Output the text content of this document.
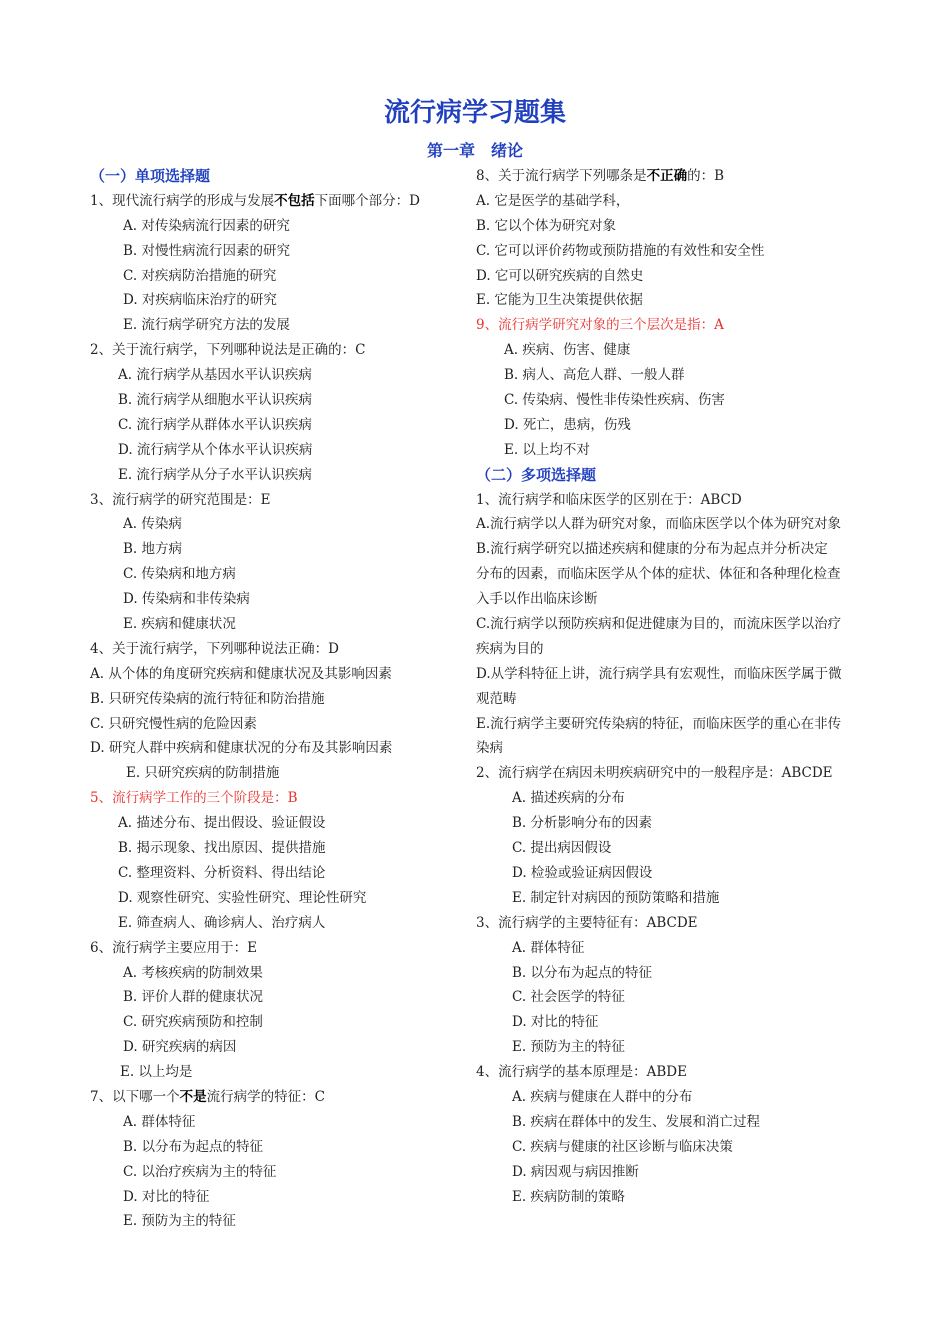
流行病学习题集
第一章　绪论
（一）单项选择题
1、现代流行病学的形成与发展不包括下面哪个部分：D
A. 对传染病流行因素的研究
B. 对慢性病流行因素的研究
C. 对疾病防治措施的研究
D. 对疾病临床治疗的研究
E. 流行病学研究方法的发展
2、关于流行病学，下列哪种说法是正确的：C
A. 流行病学从基因水平认识疾病
B. 流行病学从细胞水平认识疾病
C. 流行病学从群体水平认识疾病
D. 流行病学从个体水平认识疾病
E. 流行病学从分子水平认识疾病
3、流行病学的研究范围是：E
A. 传染病
B. 地方病
C. 传染病和地方病
D. 传染病和非传染病
E. 疾病和健康状况
4、关于流行病学，下列哪种说法正确：D
A. 从个体的角度研究疾病和健康状况及其影响因素
B. 只研究传染病的流行特征和防治措施
C. 只研究慢性病的危险因素
D. 研究人群中疾病和健康状况的分布及其影响因素
E. 只研究疾病的防制措施
5、流行病学工作的三个阶段是：B
A. 描述分布、提出假设、验证假设
B. 揭示现象、找出原因、提供措施
C. 整理资料、分析资料、得出结论
D. 观察性研究、实验性研究、理论性研究
E. 筛查病人、确诊病人、治疗病人
6、流行病学主要应用于：E
A. 考核疾病的防制效果
B. 评价人群的健康状况
C. 研究疾病预防和控制
D. 研究疾病的病因
E. 以上均是
7、以下哪一个不是流行病学的特征：C
A. 群体特征
B. 以分布为起点的特征
C. 以治疗疾病为主的特征
D. 对比的特征
E. 预防为主的特征
8、关于流行病学下列哪条是不正确的：B
A. 它是医学的基础学科，
B. 它以个体为研究对象
C. 它可以评价药物或预防措施的有效性和安全性
D. 它可以研究疾病的自然史
E. 它能为卫生决策提供依据
9、流行病学研究对象的三个层次是指：A
A. 疾病、伤害、健康
B. 病人、高危人群、一般人群
C. 传染病、慢性非传染性疾病、伤害
D. 死亡，患病，伤残
E. 以上均不对
（二）多项选择题
1、流行病学和临床医学的区别在于：ABCD
A.流行病学以人群为研究对象，而临床医学以个体为研究对象
B.流行病学研究以描述疾病和健康的分布为起点并分析决定
分布的因素，而临床医学从个体的症状、体征和各种理化检查
入手以作出临床诊断
C.流行病学以预防疾病和促进健康为目的，而流床医学以治疗
疾病为目的
D.从学科特征上讲，流行病学具有宏观性，而临床医学属于微
观范畴
E.流行病学主要研究传染病的特征，而临床医学的重心在非传
染病
2、流行病学在病因未明疾病研究中的一般程序是：ABCDE
A. 描述疾病的分布
B. 分析影响分布的因素
C. 提出病因假设
D. 检验或验证病因假设
E. 制定针对病因的预防策略和措施
3、流行病学的主要特征有：ABCDE
A. 群体特征
B. 以分布为起点的特征
C. 社会医学的特征
D. 对比的特征
E. 预防为主的特征
4、流行病学的基本原理是：ABDE
A. 疾病与健康在人群中的分布
B. 疾病在群体中的发生、发展和消亡过程
C. 疾病与健康的社区诊断与临床决策
D. 病因观与病因推断
E. 疾病防制的策略
